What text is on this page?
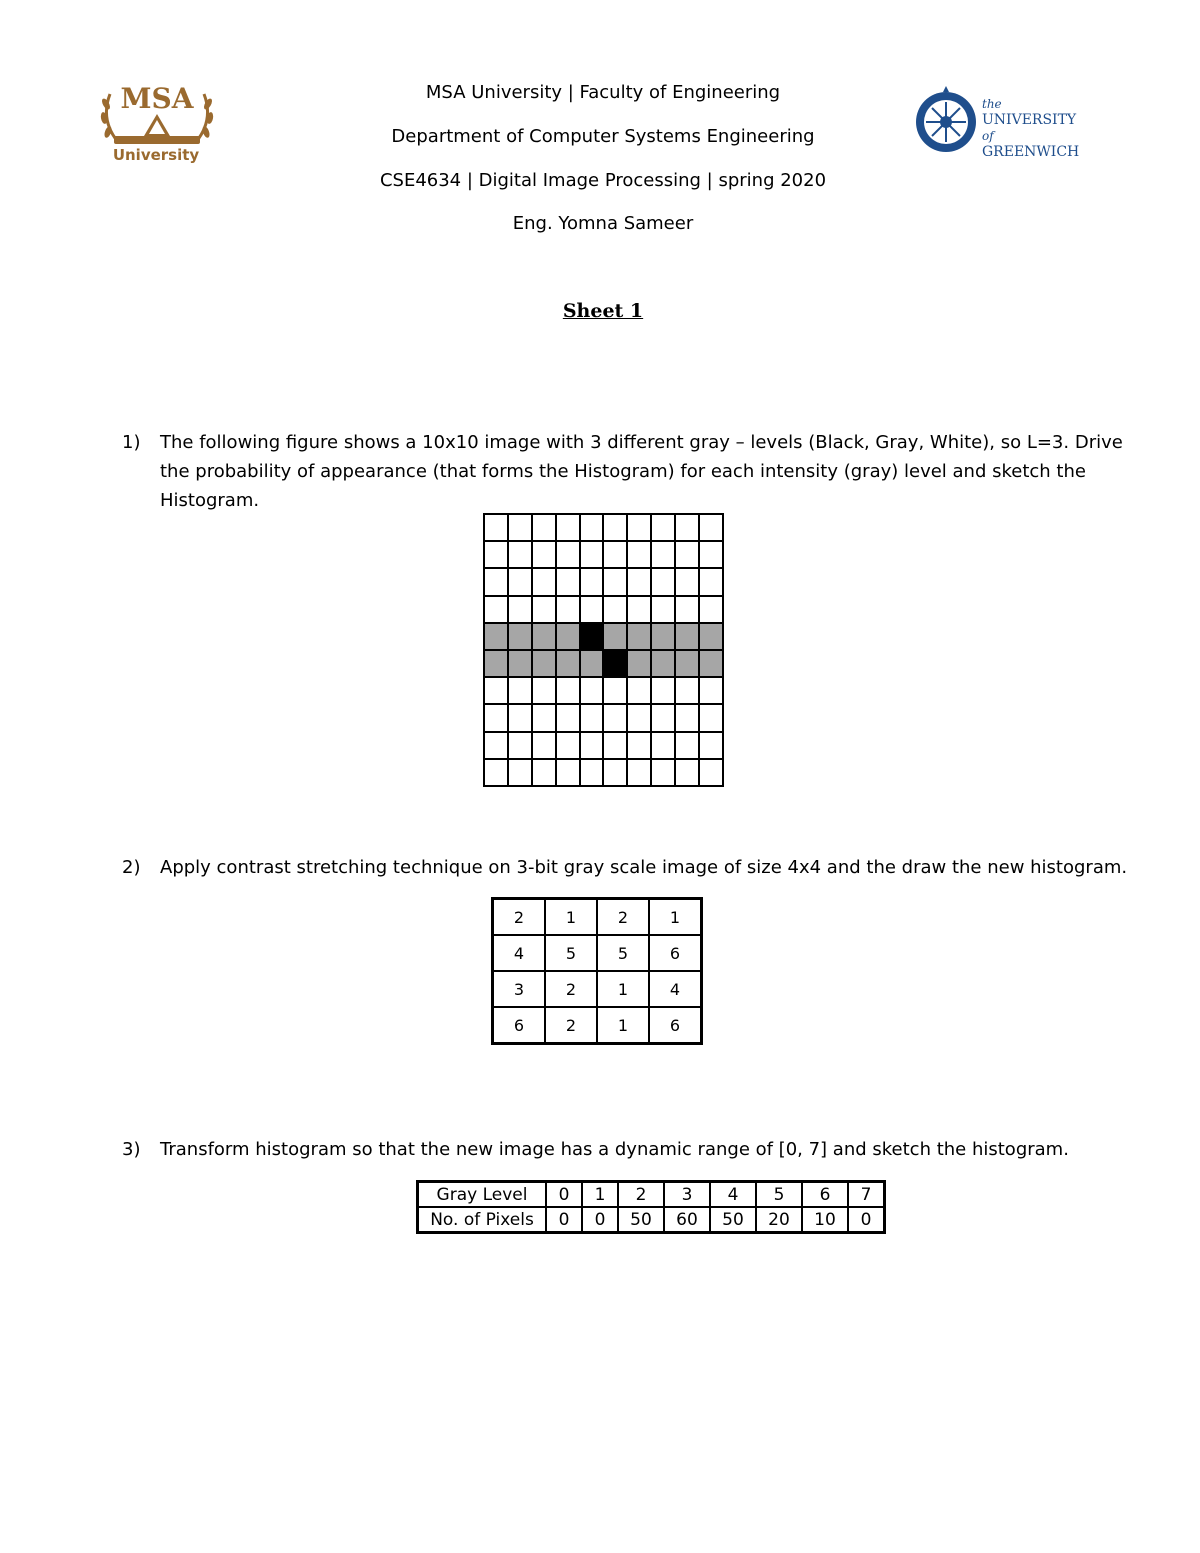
MSA
University
the
UNIVERSITY
of
GREENWICH
MSA University | Faculty of Engineering
Department of Computer Systems Engineering
CSE4634 | Digital Image Processing | spring 2020
Eng. Yomna Sameer
Sheet 1
1) The following figure shows a 10x10 image with 3 different gray – levels (Black, Gray, White), so L=3. Drive the probability of appearance (that forms the Histogram) for each intensity (gray) level and sketch the Histogram.
2) Apply contrast stretching technique on 3-bit gray scale image of size 4x4 and the draw the new histogram.
2	1	2	1
4	5	5	6
3	2	1	4
6	2	1	6
3) Transform histogram so that the new image has a dynamic range of [0, 7] and sketch the histogram.
Gray Level	0	1	2	3	4	5	6	7
No. of Pixels	0	0	50	60	50	20	10	0
